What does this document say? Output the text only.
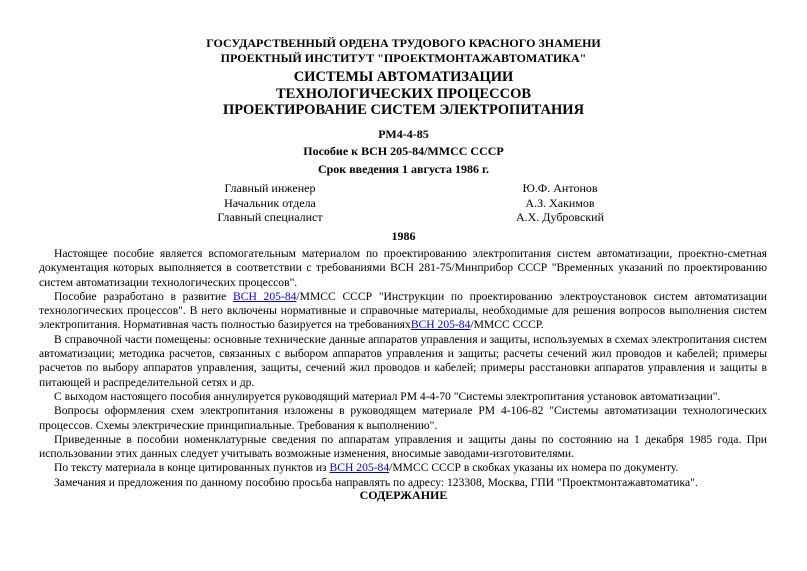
ГОСУДАРСТВЕННЫЙ ОРДЕНА ТРУДОВОГО КРАСНОГО ЗНАМЕНИ
ПРОЕКТНЫЙ ИНСТИТУТ "ПРОЕКТМОНТАЖАВТОМАТИКА"
СИСТЕМЫ АВТОМАТИЗАЦИИ
ТЕХНОЛОГИЧЕСКИХ ПРОЦЕССОВ
ПРОЕКТИРОВАНИЕ СИСТЕМ ЭЛЕКТРОПИТАНИЯ
РМ4-4-85
Пособие к ВСН 205-84/ММСС СССР
Срок введения 1 августа 1986 г.
Главный инженер
Начальник отдела
Главный специалист
Ю.Ф. Антонов
А.З. Хакимов
А.Х. Дубровский
1986

Настоящее пособие является вспомогательным материалом по проектированию электропитания систем автоматизации, проектно-сметная документация которых выполняется в соответствии с требованиями ВСН 281-75/Минприбор СССР "Временных указаний по проектированию систем автоматизации технологических процессов".

Пособие разработано в развитие ВСН 205-84/ММСС СССР "Инструкции по проектированию электроустановок систем автоматизации технологических процессов". В него включены нормативные и справочные материалы, необходимые для решения вопросов выполнения систем электропитания. Нормативная часть полностью базируется на требованияхВСН 205-84/ММСС СССР.

В справочной части помещены: основные технические данные аппаратов управления и защиты, используемых в схемах электропитания систем автоматизации; методика расчетов, связанных с выбором аппаратов управления и защиты; расчеты сечений жил проводов и кабелей; примеры расчетов по выбору аппаратов управления, защиты, сечений жил проводов и кабелей; примеры расстановки аппаратов управления и защиты в питающей и распределительной сетях и др.

С выходом настоящего пособия аннулируется руководящий материал РМ 4-4-70 "Системы электропитания установок автоматизации".

Вопросы оформления схем электропитания изложены в руководящем материале РМ 4-106-82 "Системы автоматизации технологических процессов. Схемы электрические принципиальные. Требования к выполнению".

Приведенные в пособии номенклатурные сведения по аппаратам управления и защиты даны по состоянию на 1 декабря 1985 года. При использовании этих данных следует учитывать возможные изменения, вносимые заводами-изготовителями.

По тексту материала в конце цитированных пунктов из ВСН 205-84/ММСС СССР в скобках указаны их номера по документу.

Замечания и предложения по данному пособию просьба направлять по адресу: 123308, Москва, ГПИ "Проектмонтажавтоматика".

СОДЕРЖАНИЕ
